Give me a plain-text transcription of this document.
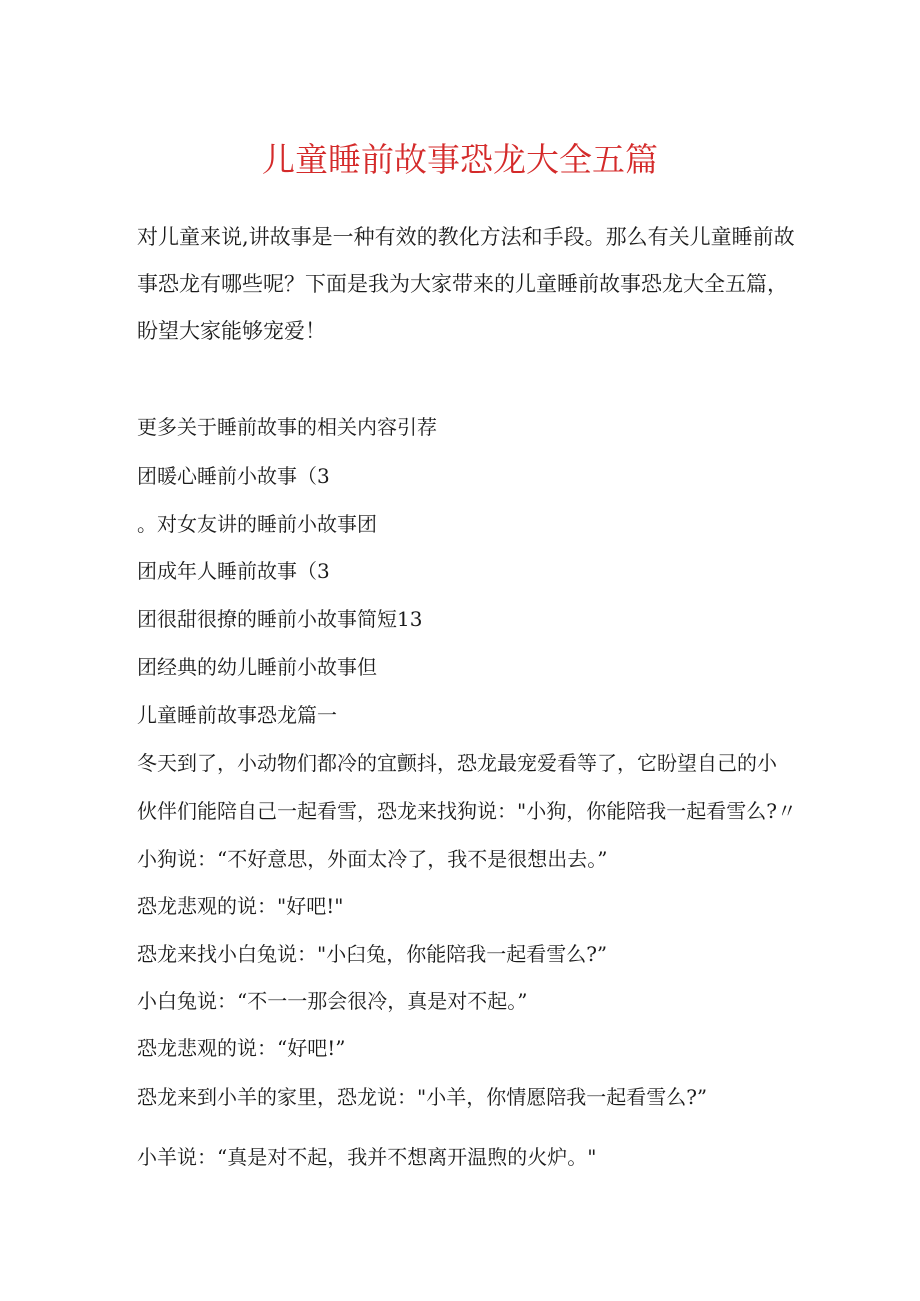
儿童睡前故事恐龙大全五篇

对儿童来说,讲故事是一种有效的教化方法和手段。那么有关儿童睡前故事恐龙有哪些呢？下面是我为大家带来的儿童睡前故事恐龙大全五篇，盼望大家能够宠爱！

更多关于睡前故事的相关内容引荐

团暖心睡前小故事（3

。对女友讲的睡前小故事团

团成年人睡前故事（3

团很甜很撩的睡前小故事简短13

团经典的幼儿睡前小故事但

儿童睡前故事恐龙篇一

冬天到了，小动物们都冷的宜颤抖，恐龙最宠爱看等了，它盼望自己的小

伙伴们能陪自己一起看雪，恐龙来找狗说："小狗，你能陪我一起看雪么?〃

小狗说：“不好意思，外面太冷了，我不是很想出去。”

恐龙悲观的说："好吧!"

恐龙来找小白兔说："小臼兔，你能陪我一起看雪么?”

小白兔说：“不一一那会很冷，真是对不起。”

恐龙悲观的说：“好吧!”

恐龙来到小羊的家里，恐龙说："小羊，你情愿陪我一起看雪么?”

小羊说：“真是对不起，我并不想离开温煦的火炉。"
